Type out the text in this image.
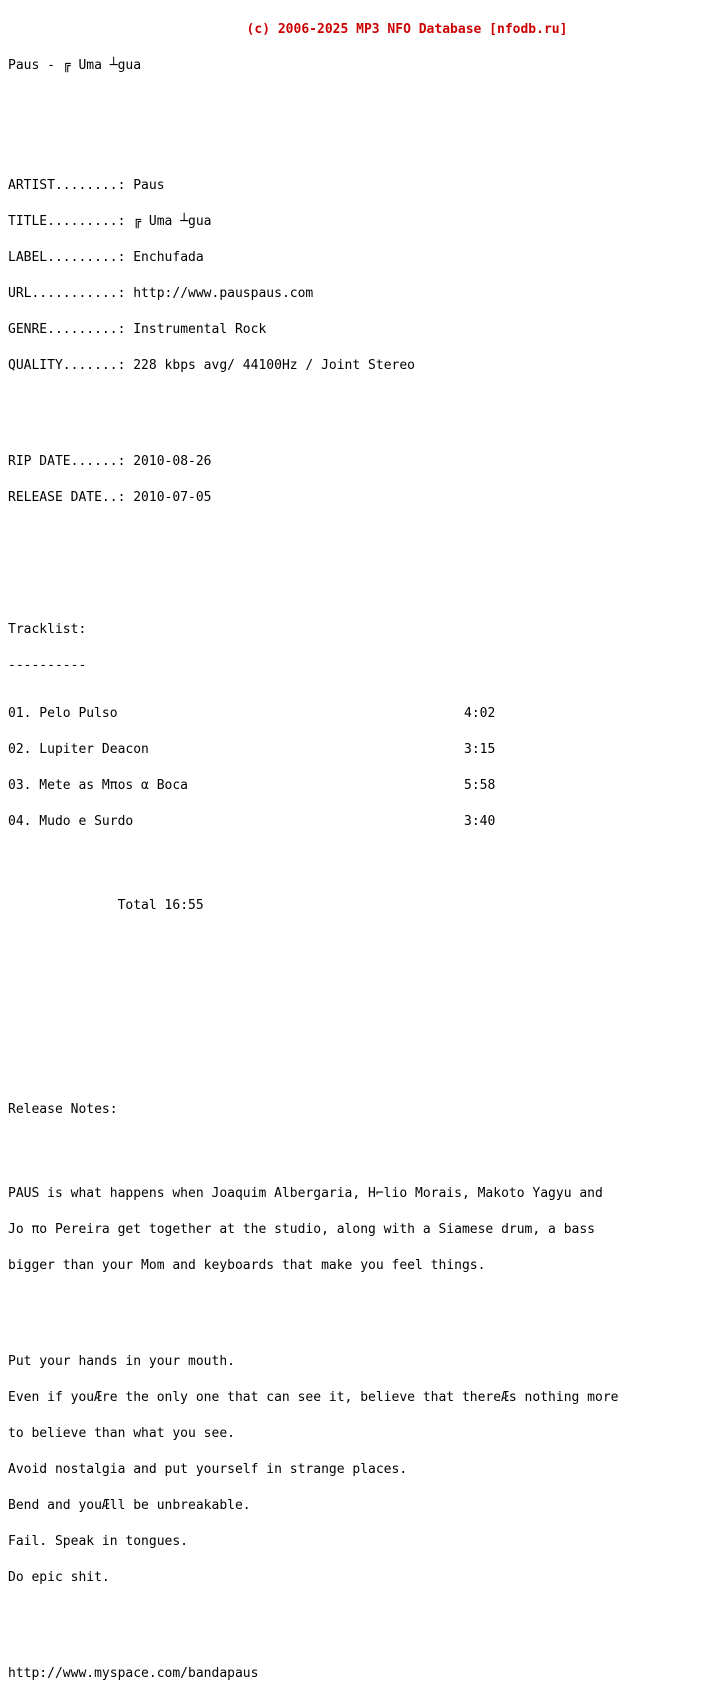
(c) 2006-2025 MP3 NFO Database [nfodb.ru]

Paus - ╔ Uma ┴gua

ARTIST........: Paus

TITLE.........: ╔ Uma ┴gua

LABEL.........: Enchufada

URL...........: http://www.pauspaus.com

GENRE.........: Instrumental Rock

QUALITY.......: 228 kbps avg/ 44100Hz / Joint Stereo

RIP DATE......: 2010-08-26

RELEASE DATE..: 2010-07-05

Tracklist:

----------

01. Pelo Pulso	4:02

02. Lupiter Deacon	3:15

03. Mete as Mπos α Boca	5:58

04. Mudo e Surdo	3:40

Total 16:55

Release Notes:

PAUS is what happens when Joaquim Albergaria, H⌐lio Morais, Makoto Yagyu and

Jo πo Pereira get together at the studio, along with a Siamese drum, a bass

bigger than your Mom and keyboards that make you feel things.

Put your hands in your mouth.

Even if youÆre the only one that can see it, believe that thereÆs nothing more

to believe than what you see.

Avoid nostalgia and put yourself in strange places.

Bend and youÆll be unbreakable.

Fail. Speak in tongues.

Do epic shit.

http://www.myspace.com/bandapaus
